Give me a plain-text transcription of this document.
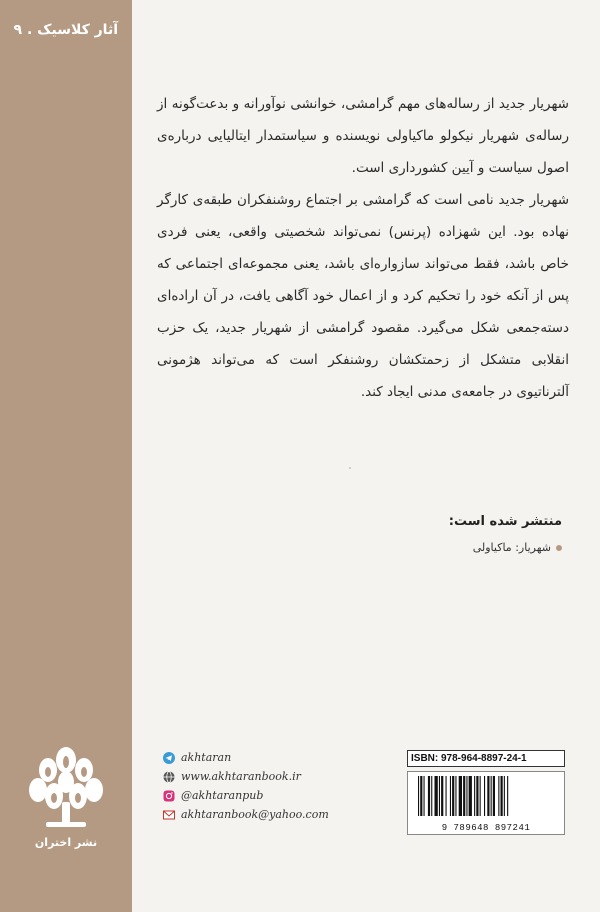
آثار کلاسیک . ۹
نشر اختران

شهریار جدید از رساله‌های مهم گرامشی، خوانشی نوآورانه و بدعت‌گونه از رساله‌ی شهریار نیکولو ماکیاولی نویسنده و سیاستمدار ایتالیایی درباره‌ی اصول سیاست و آیین کشورداری است.

شهریار جدید نامی است که گرامشی بر اجتماع روشنفکران طبقه‌ی کارگر نهاده بود. این شهزاده (پرنس) نمی‌تواند شخصیتی واقعی، یعنی فردی خاص باشد، فقط می‌تواند سازواره‌ای باشد، یعنی مجموعه‌ای اجتماعی که پس از آنکه خود را تحکیم کرد و از اعمال خود آگاهی یافت، در آن اراده‌ای دسته‌جمعی شکل می‌گیرد. مقصود گرامشی از شهریار جدید، یک حزب انقلابی متشکل از زحمتکشان روشنفکر است که می‌تواند هژمونی آلترناتیوی در جامعه‌ی مدنی ایجاد کند.

منتشر شده است:
شهریار: ماکیاولی
akhtaran
www.akhtaranbook.ir
@akhtaranpub
akhtaranbook@yahoo.com
ISBN: 978-964-8897-24-1
9 789648 897241
